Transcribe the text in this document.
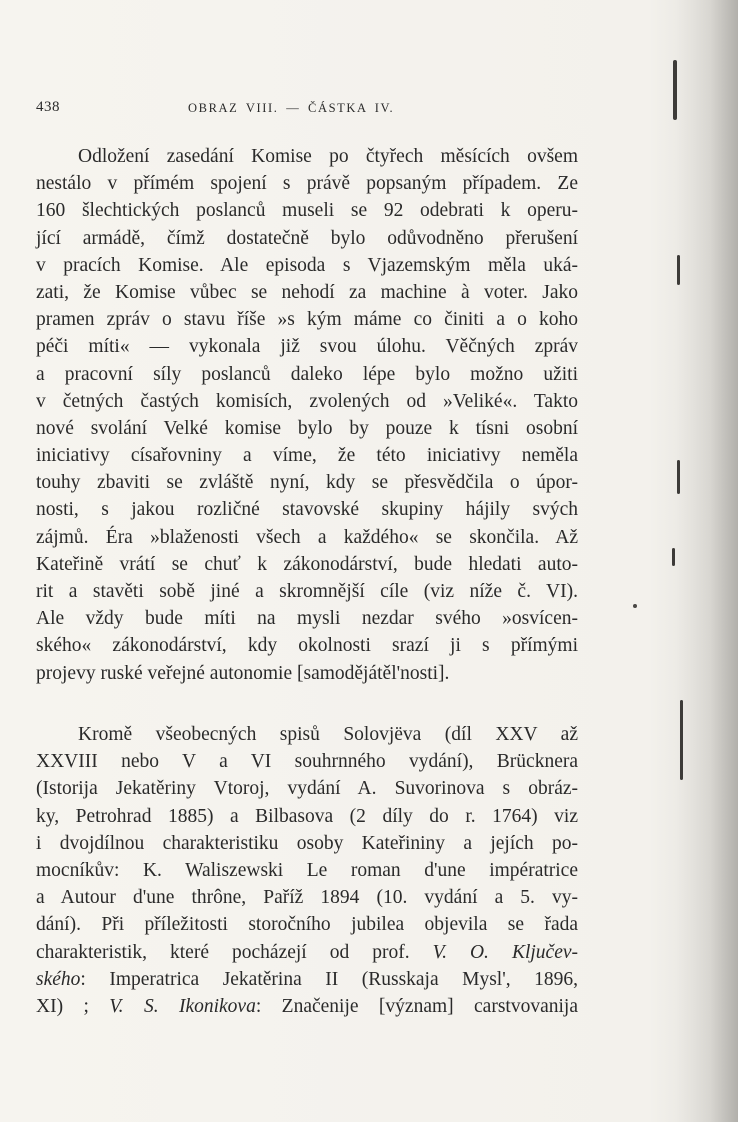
438	OBRAZ VIII. — ČÁSTKA IV.
Odložení zasedání Komise po čtyřech měsících ovšem
nestálo v přímém spojení s právě popsaným případem. Ze
160 šlechtických poslanců museli se 92 odebrati k operu-
jící armádě, čímž dostatečně bylo odůvodněno přerušení
v pracích Komise. Ale episoda s Vjazemským měla uká-
zati, že Komise vůbec se nehodí za machine à voter. Jako
pramen zpráv o stavu říše »s kým máme co činiti a o koho
péči míti« — vykonala již svou úlohu. Věčných zpráv
a pracovní síly poslanců daleko lépe bylo možno užiti
v četných častých komisích, zvolených od »Veliké«. Takto
nové svolání Velké komise bylo by pouze k tísni osobní
iniciativy císařovniny a víme, že této iniciativy neměla
touhy zbaviti se zvláště nyní, kdy se přesvědčila o úpor-
nosti, s jakou rozličné stavovské skupiny hájily svých
zájmů. Éra »blaženosti všech a každého« se skončila. Až
Kateřině vrátí se chuť k zákonodárství, bude hledati auto-
rit a stavěti sobě jiné a skromnější cíle (viz níže č. VI).
Ale vždy bude míti na mysli nezdar svého »osvícen-
ského« zákonodárství, kdy okolnosti srazí ji s přímými
projevy ruské veřejné autonomie [samoděјátěl'nosti].
Kromě všeobecných spisů Solovjëva (díl XXV až
XXVIII nebo V a VI souhrnného vydání), Brücknera
(Istorija Jekatěriny Vtoroj, vydání A. Suvorinova s obráz-
ky, Petrohrad 1885) a Bilbasova (2 díly do r. 1764) viz
i dvojdílnou charakteristiku osoby Kateřininy a jejích po-
mocníkův: K. Waliszewski Le roman d'une impératrice
a Autour d'une thrône, Paříž 1894 (10. vydání a 5. vy-
dání). Při příležitosti storočního jubilea objevila se řada
charakteristik, které pocházejí od prof. V. O. Ključev-
ského: Imperatrica Jekatěrina II (Russkaja Mysl', 1896,
XI) ; V. S. Ikonikova: Značenije [význam] carstvovanija
